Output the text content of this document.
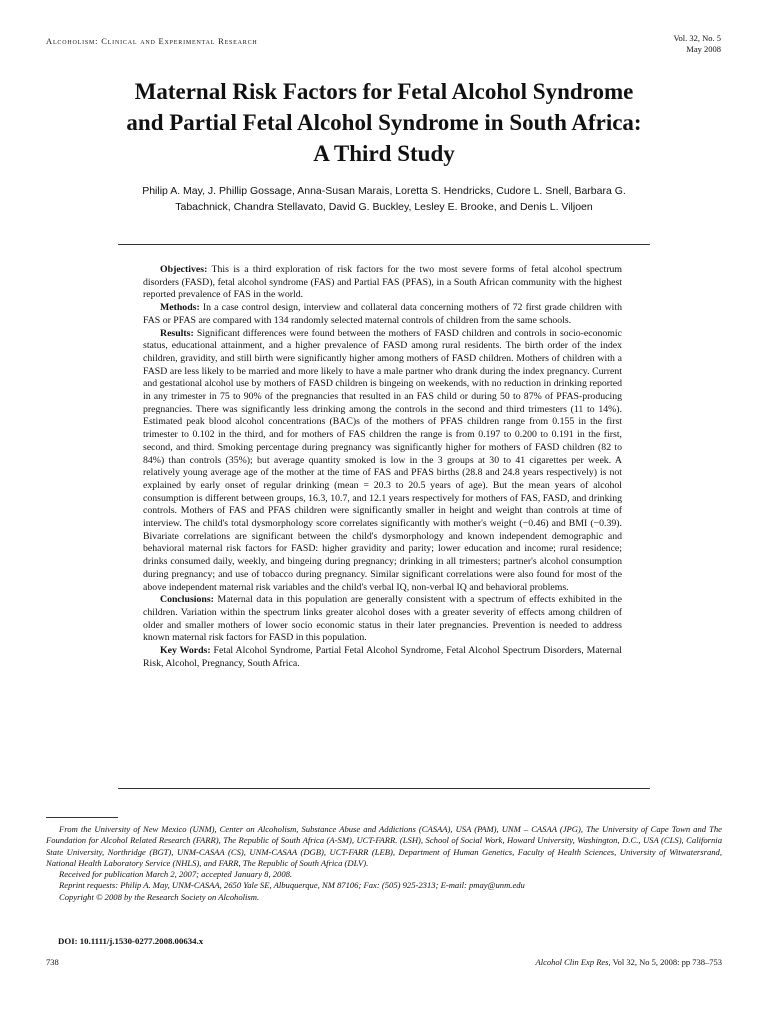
Alcoholism: Clinical and Experimental Research	Vol. 32, No. 5
May 2008
Maternal Risk Factors for Fetal Alcohol Syndrome
and Partial Fetal Alcohol Syndrome in South Africa:
A Third Study
Philip A. May, J. Phillip Gossage, Anna-Susan Marais, Loretta S. Hendricks, Cudore L. Snell, Barbara G. Tabachnick, Chandra Stellavato, David G. Buckley, Lesley E. Brooke, and Denis L. Viljoen

Objectives: This is a third exploration of risk factors for the two most severe forms of fetal alcohol spectrum disorders (FASD), fetal alcohol syndrome (FAS) and Partial FAS (PFAS), in a South African community with the highest reported prevalence of FAS in the world.

Methods: In a case control design, interview and collateral data concerning mothers of 72 first grade children with FAS or PFAS are compared with 134 randomly selected maternal controls of children from the same schools.

Results: Significant differences were found between the mothers of FASD children and controls in socio-economic status, educational attainment, and a higher prevalence of FASD among rural residents. The birth order of the index children, gravidity, and still birth were significantly higher among mothers of FASD children. Mothers of children with a FASD are less likely to be married and more likely to have a male partner who drank during the index pregnancy. Current and gestational alcohol use by mothers of FASD children is bingeing on weekends, with no reduction in drinking reported in any trimester in 75 to 90% of the pregnancies that resulted in an FAS child or during 50 to 87% of PFAS-producing pregnancies. There was significantly less drinking among the controls in the second and third trimesters (11 to 14%). Estimated peak blood alcohol concentrations (BAC)s of the mothers of PFAS children range from 0.155 in the first trimester to 0.102 in the third, and for mothers of FAS children the range is from 0.197 to 0.200 to 0.191 in the first, second, and third. Smoking percentage during pregnancy was significantly higher for mothers of FASD children (82 to 84%) than controls (35%); but average quantity smoked is low in the 3 groups at 30 to 41 cigarettes per week. A relatively young average age of the mother at the time of FAS and PFAS births (28.8 and 24.8 years respectively) is not explained by early onset of regular drinking (mean = 20.3 to 20.5 years of age). But the mean years of alcohol consumption is different between groups, 16.3, 10.7, and 12.1 years respectively for mothers of FAS, FASD, and drinking controls. Mothers of FAS and PFAS children were significantly smaller in height and weight than controls at time of interview. The child's total dysmorphology score correlates significantly with mother's weight (−0.46) and BMI (−0.39). Bivariate correlations are significant between the child's dysmorphology and known independent demographic and behavioral maternal risk factors for FASD: higher gravidity and parity; lower education and income; rural residence; drinks consumed daily, weekly, and bingeing during pregnancy; drinking in all trimesters; partner's alcohol consumption during pregnancy; and use of tobacco during pregnancy. Similar significant correlations were also found for most of the above independent maternal risk variables and the child's verbal IQ, non-verbal IQ and behavioral problems.

Conclusions: Maternal data in this population are generally consistent with a spectrum of effects exhibited in the children. Variation within the spectrum links greater alcohol doses with a greater severity of effects among children of older and smaller mothers of lower socio economic status in their later pregnancies. Prevention is needed to address known maternal risk factors for FASD in this population.

Key Words: Fetal Alcohol Syndrome, Partial Fetal Alcohol Syndrome, Fetal Alcohol Spectrum Disorders, Maternal Risk, Alcohol, Pregnancy, South Africa.

From the University of New Mexico (UNM), Center on Alcoholism, Substance Abuse and Addictions (CASAA), USA (PAM), UNM – CASAA (JPG), The University of Cape Town and The Foundation for Alcohol Related Research (FARR), The Republic of South Africa (A-SM), UCT-FARR. (LSH), School of Social Work, Howard University, Washington, D.C., USA (CLS), California State University, Northridge (BGT), UNM-CASAA (CS), UNM-CASAA (DGB), UCT-FARR (LEB), Department of Human Genetics, Faculty of Health Sciences, University of Witwatersrand, National Health Laboratory Service (NHLS), and FARR, The Republic of South Africa (DLV).

Received for publication March 2, 2007; accepted January 8, 2008.

Reprint requests: Philip A. May, UNM-CASAA, 2650 Yale SE, Albuquerque, NM 87106; Fax: (505) 925-2313; E-mail: pmay@unm.edu

Copyright © 2008 by the Research Society on Alcoholism.

DOI: 10.1111/j.1530-0277.2008.00634.x
738	Alcohol Clin Exp Res, Vol 32, No 5, 2008: pp 738–753
